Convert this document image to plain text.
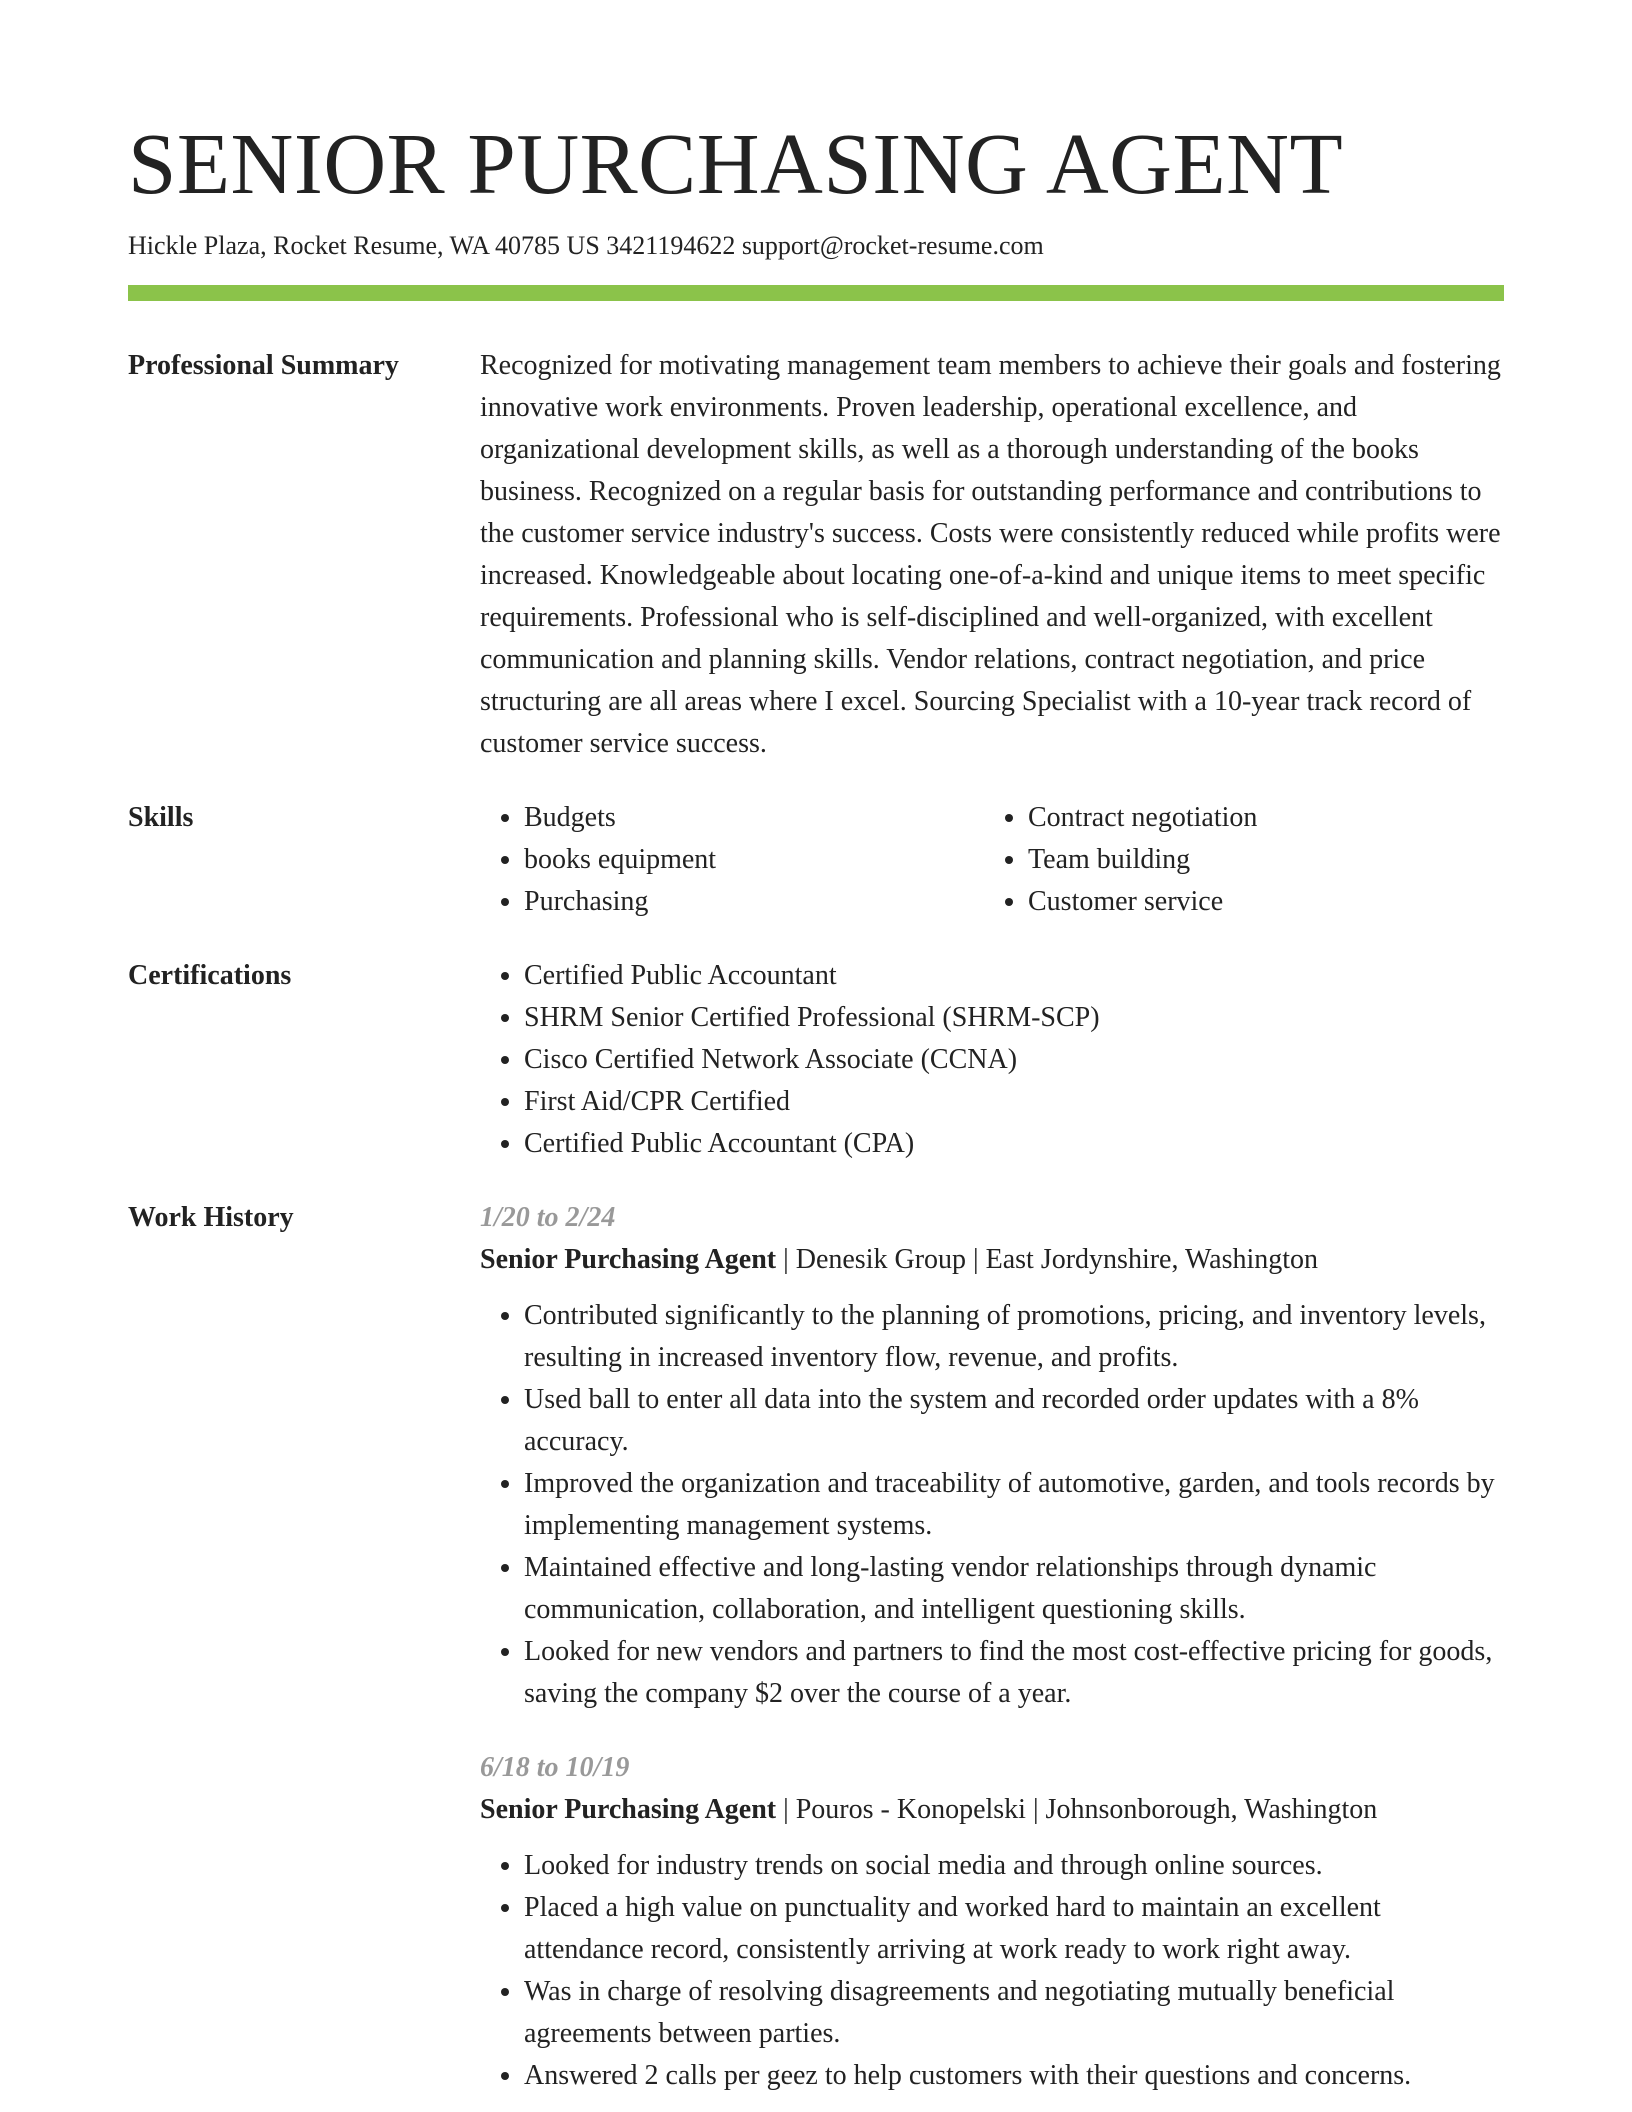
SENIOR PURCHASING AGENT
Hickle Plaza, Rocket Resume, WA 40785 US 3421194622 support@rocket-resume.com
Professional Summary	Recognized for motivating management team members to achieve their goals and fostering innovative work environments. Proven leadership, operational excellence, and organizational development skills, as well as a thorough understanding of the books business. Recognized on a regular basis for outstanding performance and contributions to the customer service industry's success. Costs were consistently reduced while profits were increased. Knowledgeable about locating one-of-a-kind and unique items to meet specific requirements. Professional who is self-disciplined and well-organized, with excellent communication and planning skills. Vendor relations, contract negotiation, and price structuring are all areas where I excel. Sourcing Specialist with a 10-year track record of customer service success.

Skills	• Budgets
• books equipment
• Purchasing
• Contract negotiation
• Team building
• Customer service
Certifications	• Certified Public Accountant
• SHRM Senior Certified Professional (SHRM-SCP)
• Cisco Certified Network Associate (CCNA)
• First Aid/CPR Certified
• Certified Public Accountant (CPA)
Work History	1/20 to 2/24
Senior Purchasing Agent | Denesik Group | East Jordynshire, Washington
• Contributed significantly to the planning of promotions, pricing, and inventory levels, resulting in increased inventory flow, revenue, and profits.
• Used ball to enter all data into the system and recorded order updates with a 8% accuracy.
• Improved the organization and traceability of automotive, garden, and tools records by implementing management systems.
• Maintained effective and long-lasting vendor relationships through dynamic communication, collaboration, and intelligent questioning skills.
• Looked for new vendors and partners to find the most cost-effective pricing for goods, saving the company $2 over the course of a year.
6/18 to 10/19
Senior Purchasing Agent | Pouros - Konopelski | Johnsonborough, Washington
• Looked for industry trends on social media and through online sources.
• Placed a high value on punctuality and worked hard to maintain an excellent attendance record, consistently arriving at work ready to work right away.
• Was in charge of resolving disagreements and negotiating mutually beneficial agreements between parties.
• Answered 2 calls per geez to help customers with their questions and concerns.
